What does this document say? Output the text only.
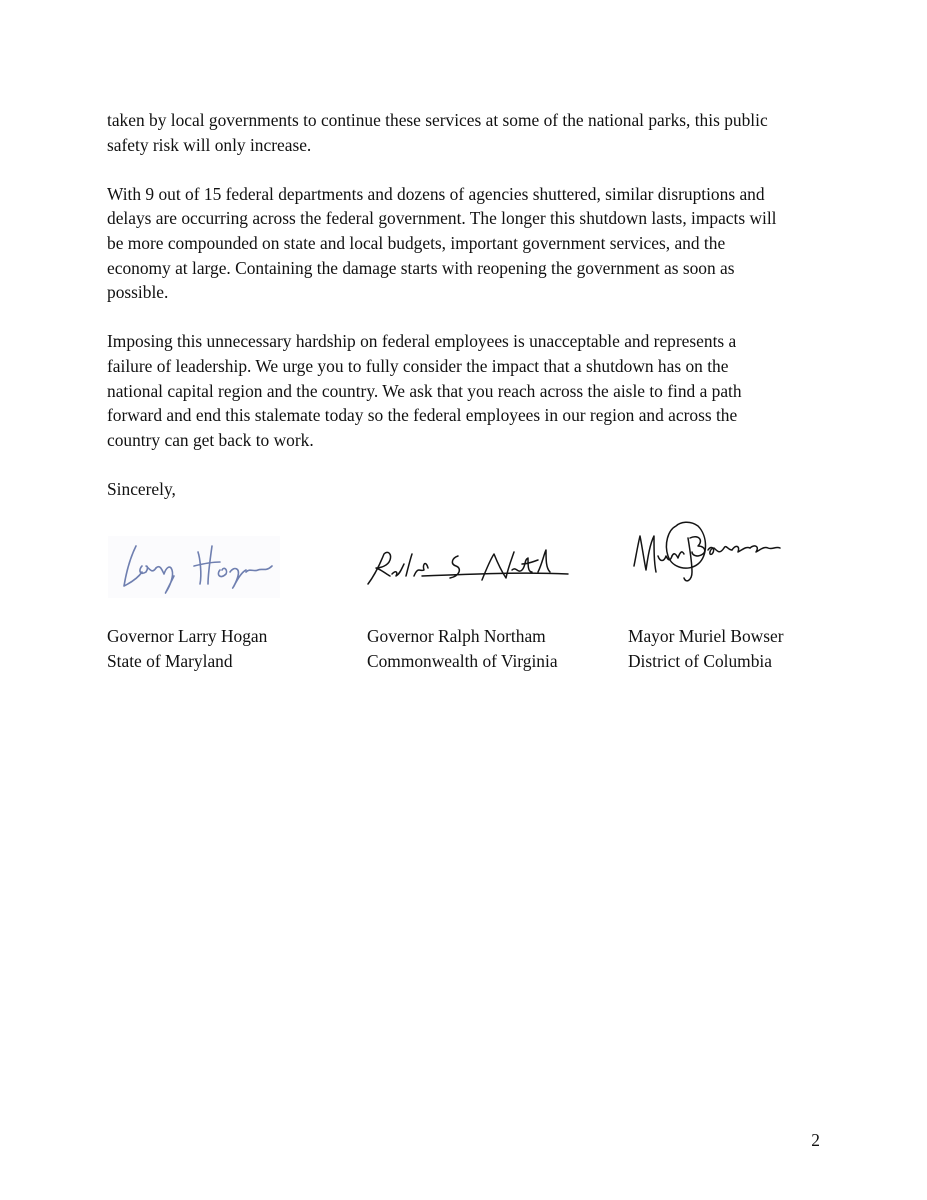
taken by local governments to continue these services at some of the national parks, this public
safety risk will only increase.

With 9 out of 15 federal departments and dozens of agencies shuttered, similar disruptions and
delays are occurring across the federal government. The longer this shutdown lasts, impacts will
be more compounded on state and local budgets, important government services, and the
economy at large. Containing the damage starts with reopening the government as soon as
possible.

Imposing this unnecessary hardship on federal employees is unacceptable and represents a
failure of leadership. We urge you to fully consider the impact that a shutdown has on the
national capital region and the country. We ask that you reach across the aisle to find a path
forward and end this stalemate today so the federal employees in our region and across the
country can get back to work.

Sincerely,

Governor Larry Hogan
State of Maryland
Governor Ralph Northam
Commonwealth of Virginia
Mayor Muriel Bowser
District of Columbia
2
